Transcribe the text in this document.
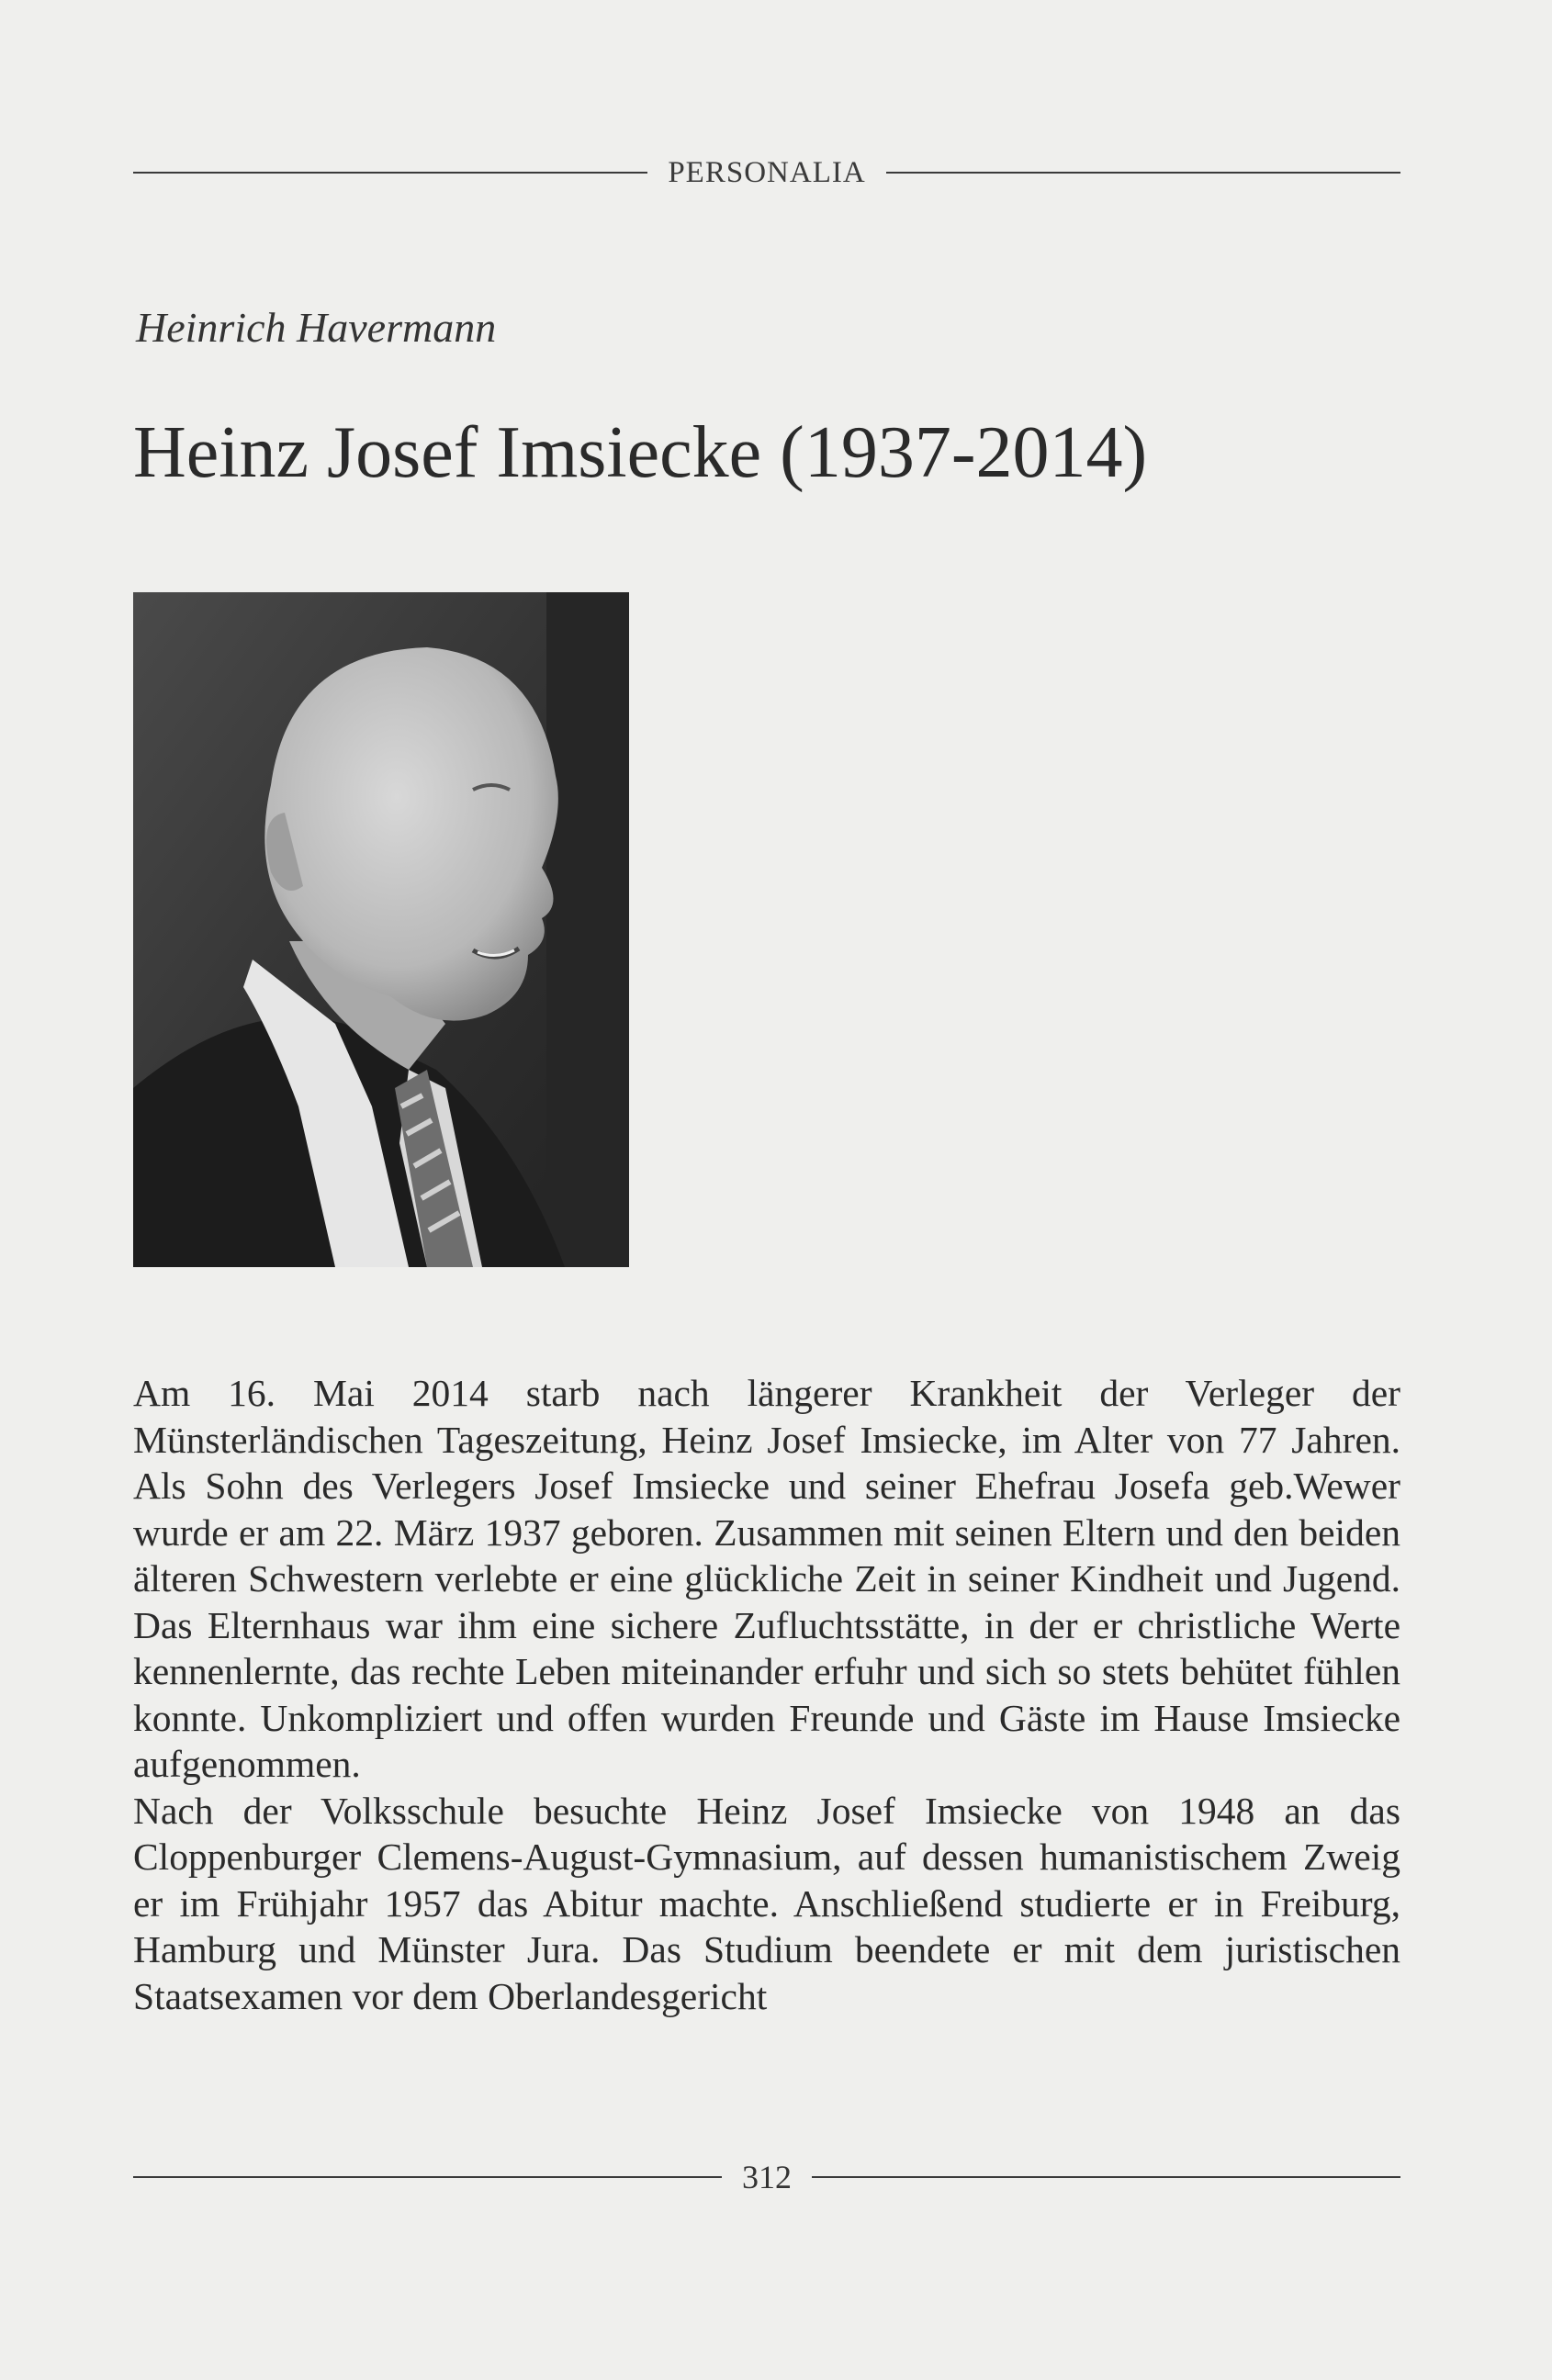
PERSONALIA
Heinrich Havermann
Heinz Josef Imsiecke (1937-2014)

Am 16. Mai 2014 starb nach längerer Krankheit der Verleger der Münsterländischen Tageszeitung, Heinz Josef Imsiecke, im Alter von 77 Jahren. Als Sohn des Verlegers Josef Imsiecke und seiner Ehefrau Josefa geb.Wewer wurde er am 22. März 1937 geboren. Zusammen mit seinen Eltern und den beiden älteren Schwestern verlebte er eine glückliche Zeit in seiner Kindheit und Jugend. Das Elternhaus war ihm eine sichere Zufluchtsstätte, in der er christliche Werte kennenlernte, das rechte Leben miteinander erfuhr und sich so stets behütet fühlen konnte. Unkompliziert und offen wurden Freunde und Gäste im Hause Imsiecke aufgenommen.

Nach der Volksschule besuchte Heinz Josef Imsiecke von 1948 an das Cloppenburger Clemens-August-Gymnasium, auf dessen humanistischem Zweig er im Frühjahr 1957 das Abitur machte. Anschließend studierte er in Freiburg, Hamburg und Münster Jura. Das Studium beendete er mit dem juristischen Staatsexamen vor dem Oberlandesgericht

312
